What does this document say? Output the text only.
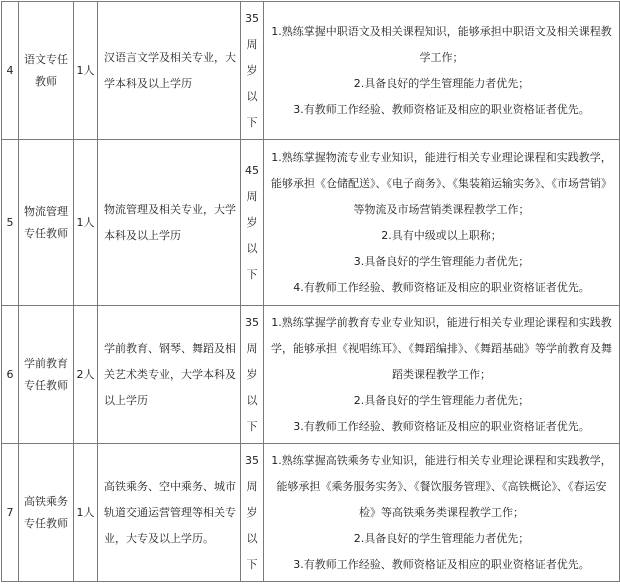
4	语文专任教师	1人	汉语言文学及相关专业，大学本科及以上学历	35
周
岁
以
下	1.熟练掌握中职语文及相关课程知识，能够承担中职语文及相关课程教学工作；
2.具备良好的学生管理能力者优先；
3.有教师工作经验、教师资格证及相应的职业资格证者优先。

5	物流管理专任教师	1人	物流管理及相关专业，大学本科及以上学历	45
周
岁
以
下	1.熟练掌握物流专业专业知识，能进行相关专业理论课程和实践教学，能够承担《仓储配送》、《电子商务》、《集装箱运输实务》、《市场营销》等物流及市场营销类课程教学工作；
2.具有中级或以上职称；
3.具备良好的学生管理能力者优先；
4.有教师工作经验、教师资格证及相应的职业资格证者优先。

6	学前教育专任教师	2人	学前教育、钢琴、舞蹈及相关艺术类专业，大学本科及以上学历	35
周
岁
以
下	1.熟练掌握学前教育专业专业知识，能进行相关专业理论课程和实践教学，能够承担《视唱练耳》、《舞蹈编排》、《舞蹈基础》等学前教育及舞蹈类课程教学工作；
2.具备良好的学生管理能力者优先；
3.有教师工作经验、教师资格证及相应的职业资格证者优先。

7	高铁乘务专任教师	1人	高铁乘务、空中乘务、城市轨道交通运营管理等相关专业，大专及以上学历。	35
周
岁
以
下	1.熟练掌握高铁乘务专业知识，能进行相关专业理论课程和实践教学，能够承担《乘务服务实务》、《餐饮服务管理》、《高铁概论》、《春运安检》等高铁乘务类课程教学工作；
2.具备良好的学生管理能力者优先；
3.有教师工作经验、教师资格证及相应的职业资格证者优先。
